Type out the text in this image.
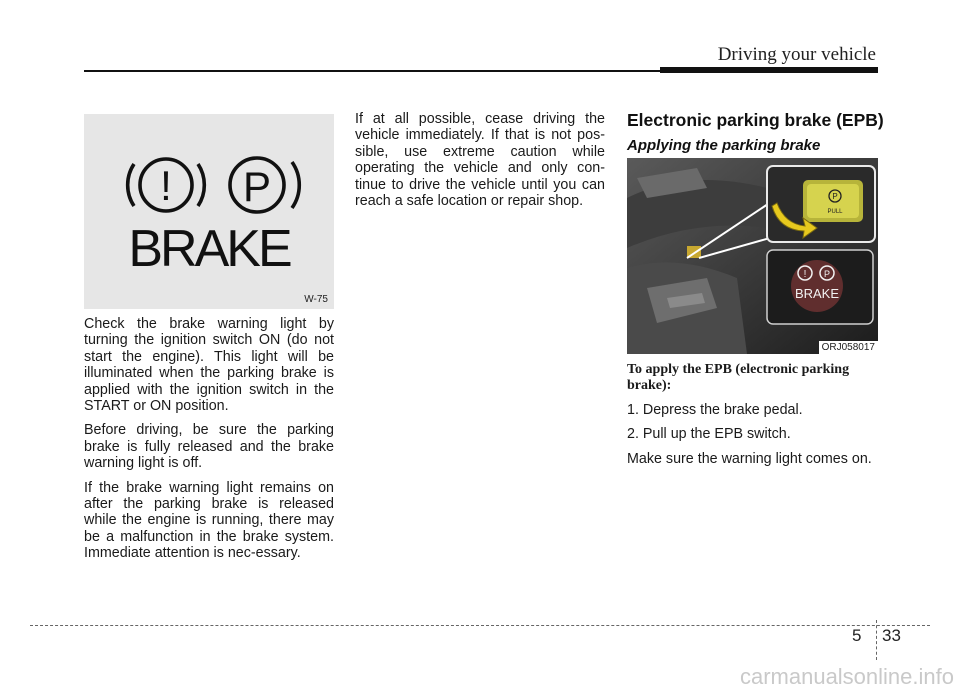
Driving your vehicle
! P
BRAKE
W-75

Check the brake warning light by turning the ignition switch ON (do not start the engine). This light will be illuminated when the parking brake is applied with the ignition switch in the START or ON position.

Before driving, be sure the parking brake is fully released and the brake warning light is off.

If the brake warning light remains on after the parking brake is released while the engine is running, there may be a malfunction in the brake system. Immediate attention is nec-essary.

If at all possible, cease driving the vehicle immediately. If that is not pos-sible, use extreme caution while operating the vehicle and only con-tinue to drive the vehicle until you can reach a safe location or repair shop.

Electronic parking brake (EPB)
Applying the parking brake
P
PULL
! P
BRAKE
ORJ058017

To apply the EPB (electronic parking brake):

1. Depress the brake pedal.

2. Pull up the EPB switch.

Make sure the warning light comes on.

5 33
carmanualsonline.info
